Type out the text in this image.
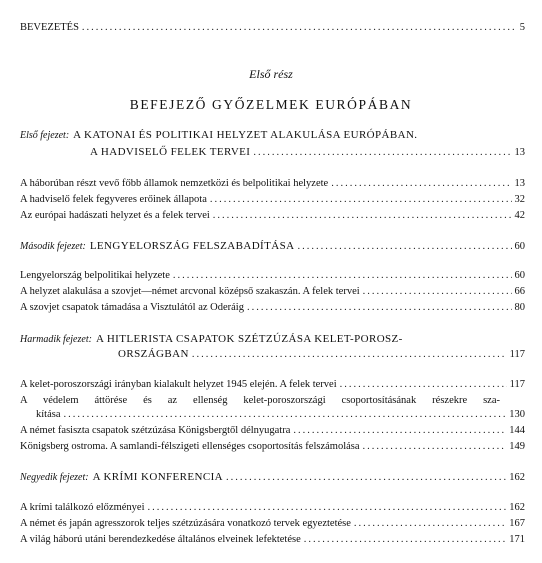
BEVEZETÉS .....	5
Első rész
BEFEJEZŐ GYŐZELMEK EURÓPÁBAN
Első fejezet: A KATONAI ÉS POLITIKAI HELYZET ALAKULÁSA EURÓPÁBAN.
A HADVISELŐ FELEK TERVEI .....	13
A háborúban részt vevő főbb államok nemzetközi és belpolitikai helyzete .....	13
A hadviselő felek fegyveres erőinek állapota .....	32
Az európai hadászati helyzet és a felek tervei .....	42
Második fejezet: LENGYELORSZÁG FELSZABADÍTÁSA .....	60
Lengyelország belpolitikai helyzete .....	60
A helyzet alakulása a szovjet—német arcvonal középső szakaszán. A felek tervei .....	66
A szovjet csapatok támadása a Visztulától az Oderáig .....	80
Harmadik fejezet: A HITLERISTA CSAPATOK SZÉTZÚZÁSA KELET-POROSZ-
ORSZÁGBAN .....	117
A kelet-poroszországi irányban kialakult helyzet 1945 elején. A felek tervei .....	117
A védelem áttörése és az ellenség kelet-poroszországi csoportosításának részekre sza-
kítása .....	130
A német fasiszta csapatok szétzúzása Königsbergtől délnyugatra .....	144
Königsberg ostroma. A samlandi-félszigeti ellenséges csoportosítás felszámolása .....	149
Negyedik fejezet: A KRÍMI KONFERENCIA .....	162
A krími találkozó előzményei .....	162
A német és japán agresszorok teljes szétzúzására vonatkozó tervek egyeztetése .....	167
A világ háború utáni berendezkedése általános elveinek lefektetése .....	171
